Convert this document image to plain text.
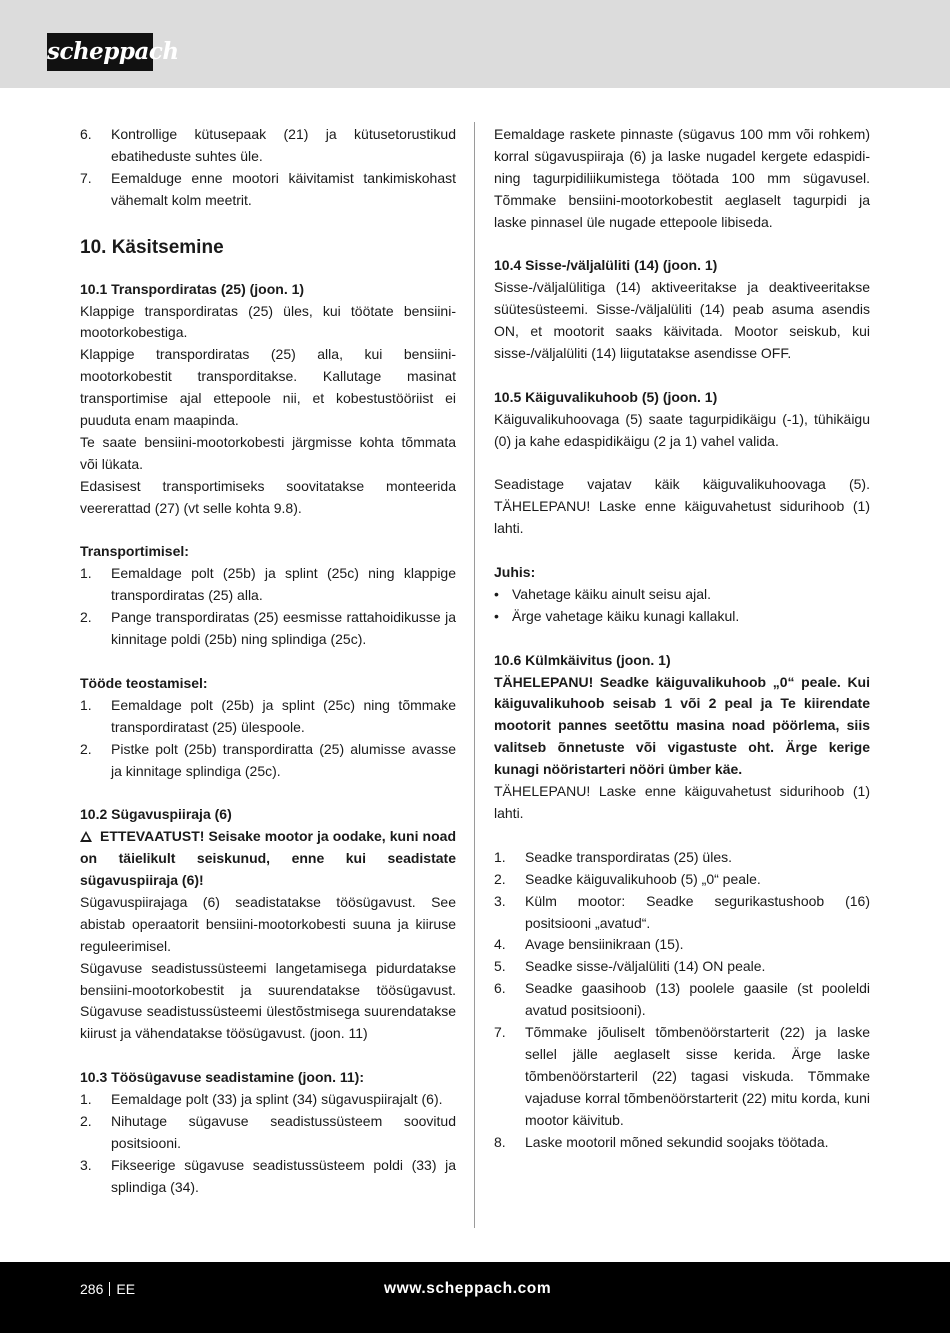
scheppach
6.	Kontrollige kütusepaak (21) ja kütusetorustikud ebatiheduste suhtes üle.
7.	Eemalduge enne mootori käivitamist tankimiskohast vähemalt kolm meetrit.
10. Käsitsemine

10.1 Transpordiratas (25) (joon. 1)

Klappige transpordiratas (25) üles, kui töötate bensiini-mootorkobestiga.

Klappige transpordiratas (25) alla, kui bensiini-mootorkobestit transporditakse. Kallutage masinat transportimise ajal ettepoole nii, et kobestustööriist ei puuduta enam maapinda.

Te saate bensiini-mootorkobesti järgmisse kohta tõmmata või lükata.

Edasisest transportimiseks soovitatakse monteerida veererattad (27) (vt selle kohta 9.8).

Transportimisel:

1.	Eemaldage polt (25b) ja splint (25c) ning klappige transpordiratas (25) alla.
2.	Pange transpordiratas (25) eesmisse rattahoidikusse ja kinnitage poldi (25b) ning splindiga (25c).

Tööde teostamisel:

1.	Eemaldage polt (25b) ja splint (25c) ning tõmmake transpordiratast (25) ülespoole.
2.	Pistke polt (25b) transpordiratta (25) alumisse avasse ja kinnitage splindiga (25c).

10.2 Sügavuspiiraja (6)

ETTEVAATUST! Seisake mootor ja oodake, kuni noad on täielikult seiskunud, enne kui seadistate sügavuspiiraja (6)!

Sügavuspiirajaga (6) seadistatakse töösügavust. See abistab operaatorit bensiini-mootorkobesti suuna ja kiiruse reguleerimisel.

Sügavuse seadistussüsteemi langetamisega pidurdatakse bensiini-mootorkobestit ja suurendatakse töösügavust. Sügavuse seadistussüsteemi ülestõstmisega suurendatakse kiirust ja vähendatakse töösügavust. (joon. 11)

10.3 Töösügavuse seadistamine (joon. 11):

1.	Eemaldage polt (33) ja splint (34) sügavuspiirajalt (6).
2.	Nihutage sügavuse seadistussüsteem soovitud positsiooni.
3.	Fikseerige sügavuse seadistussüsteem poldi (33) ja splindiga (34).

Eemaldage rasketе pinnaste (sügavus 100 mm või rohkem) korral sügavuspiiraja (6) ja laske nugadel kergete edaspidi- ning tagurpidiliikumistega töötada 100 mm sügavusel. Tõmmake bensiini-mootorkobestit aeglaselt tagurpidi ja laske pinnasel üle nugade ettepoole libiseda.

10.4 Sisse-/väljalüliti (14) (joon. 1)

Sisse-/väljalülitiga (14) aktiveeritakse ja deaktiveeritakse süütesüsteemi. Sisse-/väljalüliti (14) peab asuma asendis ON, et mootorit saaks käivitada. Mootor seiskub, kui sisse-/väljalüliti (14) liigutatakse asendisse OFF.

10.5 Käiguvalikuhoob (5) (joon. 1)

Käiguvalikuhoovaga (5) saate tagurpidikäigu (-1), tühikäigu (0) ja kahe edaspidikäigu (2 ja 1) vahel valida.

Seadistage vajatav käik käiguvalikuhoovaga (5). TÄHELEPANU! Laske enne käiguvahetust sidurihoob (1) lahti.

Juhis:

• Vahetage käiku ainult seisu ajal.
• Ärge vahetage käiku kunagi kallakul.

10.6 Külmkäivitus (joon. 1)

TÄHELEPANU! Seadke käiguvalikuhoob „0“ peale. Kui käiguvalikuhoob seisab 1 või 2 peal ja Te kiirendate mootorit pannes seetõttu masina noad pöörlema, siis valitseb õnnetuste või vigastuste oht. Ärge kerige kunagi nööristarteri nööri ümber käe.

TÄHELEPANU! Laske enne käiguvahetust sidurihoob (1) lahti.

1.	Seadke transpordiratas (25) üles.
2.	Seadke käiguvalikuhoob (5) „0“ peale.
3.	Külm mootor: Seadke segurikastushoob (16) positsiooni „avatud“.
4.	Avage bensiinikraan (15).
5.	Seadke sisse-/väljalüliti (14) ON peale.
6.	Seadke gaasihoob (13) poolele gaasile (st pooleldi avatud positsiooni).
7.	Tõmmake jõuliselt tõmbenöörstarterit (22) ja laske sellel jälle aeglaselt sisse kerida. Ärge laske tõmbenöörstarteril (22) tagasi viskuda. Tõmmake vajaduse korral tõmbenöörstarterit (22) mitu korda, kuni mootor käivitub.
8.	Laske mootoril mõned sekundid soojaks töötada.
286 EE	www.scheppach.com
